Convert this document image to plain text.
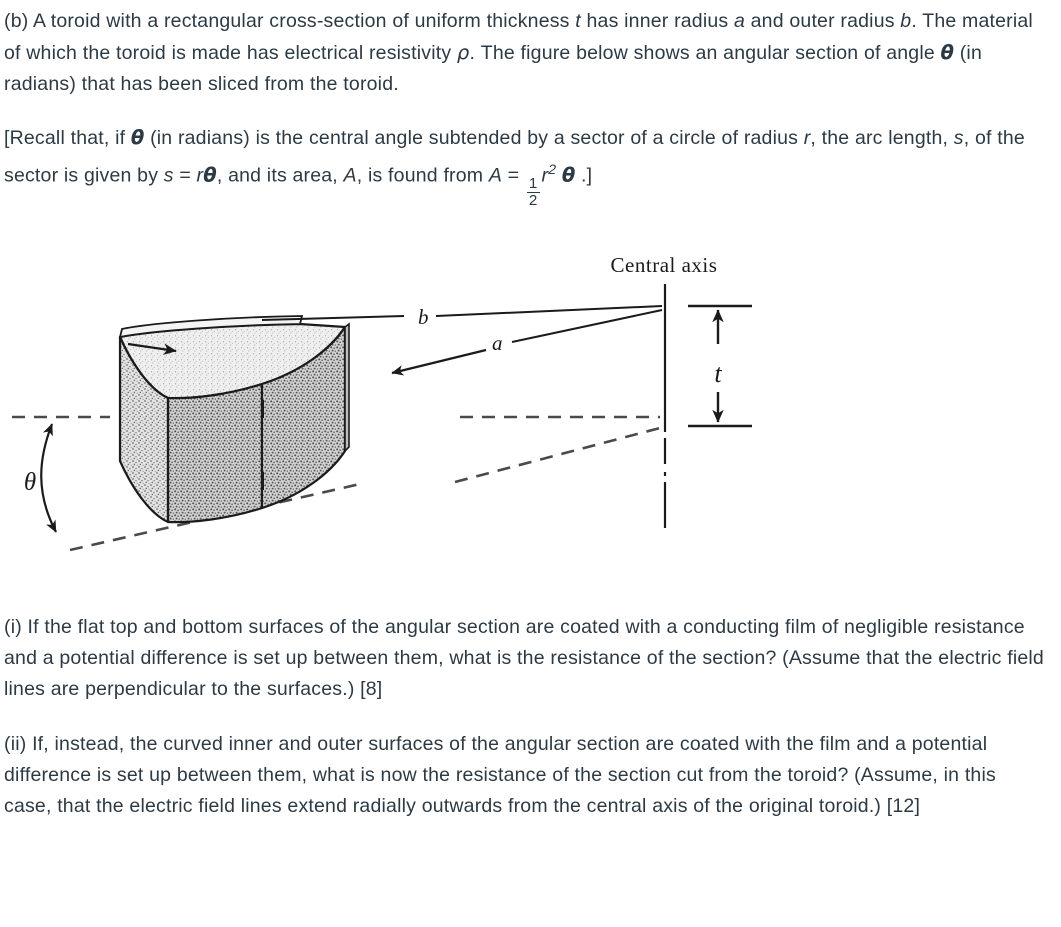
(b) A toroid with a rectangular cross-section of uniform thickness t has inner radius a and outer radius b. The material of which the toroid is made has electrical resistivity ρ. The figure below shows an angular section of angle θ (in radians) that has been sliced from the toroid.

[Recall that, if θ (in radians) is the central angle subtended by a sector of a circle of radius r, the arc length, s, of the sector is given by s = rθ, and its area, A, is found from A =
$\frac{1}{2}$
$r^2$ θ .]

Central axis
b
a
t
θ

(i) If the flat top and bottom surfaces of the angular section are coated with a conducting film of negligible resistance and a potential difference is set up between them, what is the resistance of the section? (Assume that the electric field lines are perpendicular to the surfaces.) [8]

(ii) If, instead, the curved inner and outer surfaces of the angular section are coated with the film and a potential difference is set up between them, what is now the resistance of the section cut from the toroid? (Assume, in this case, that the electric field lines extend radially outwards from the central axis of the original toroid.) [12]
